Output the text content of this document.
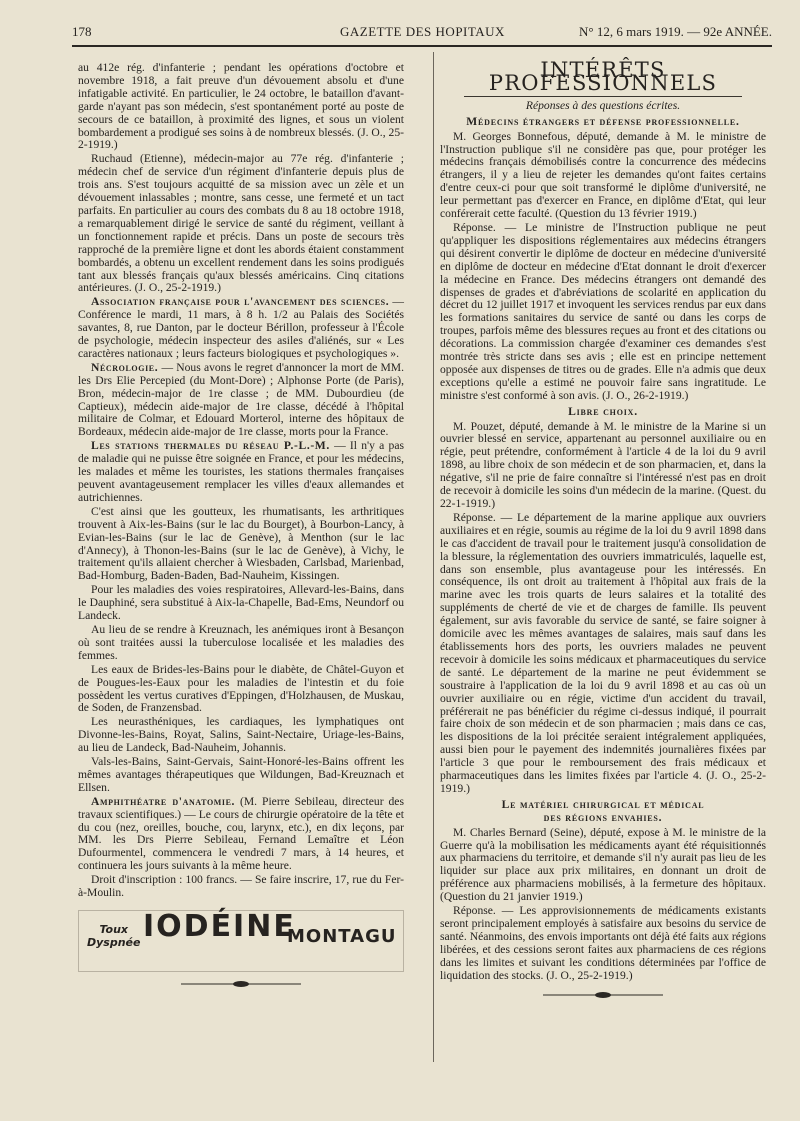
178	GAZETTE DES HOPITAUX	N° 12, 6 mars 1919. — 92e ANNÉE.

au 412e rég. d'infanterie ; pendant les opérations d'octobre et novembre 1918, a fait preuve d'un dévouement absolu et d'une infatigable activité. En particulier, le 24 octobre, le bataillon d'avant-garde n'ayant pas son médecin, s'est spontanément porté au poste de secours de ce bataillon, à proximité des lignes, et sous un violent bombardement a prodigué ses soins à de nombreux blessés. (J. O., 25-2-1919.)

Ruchaud (Etienne), médecin-major au 77e rég. d'infanterie ; médecin chef de service d'un régiment d'infanterie depuis plus de trois ans. S'est toujours acquitté de sa mission avec un zèle et un dévouement inlassables ; montre, sans cesse, une fermeté et un tact parfaits. En particulier au cours des combats du 8 au 18 octobre 1918, a remarquablement dirigé le service de santé du régiment, veillant à un fonctionnement rapide et précis. Dans un poste de secours très rapproché de la première ligne et dont les abords étaient constamment bombardés, a obtenu un excellent rendement dans les soins prodigués tant aux blessés français qu'aux blessés américains. Cinq citations antérieures. (J. O., 25-2-1919.)

Association française pour l'avancement des sciences. — Conférence le mardi, 11 mars, à 8 h. 1/2 au Palais des Sociétés savantes, 8, rue Danton, par le docteur Bérillon, professeur à l'École de psychologie, médecin inspecteur des asiles d'aliénés, sur « Les caractères nationaux ; leurs facteurs biologiques et psychologiques ».

Nécrologie. — Nous avons le regret d'annoncer la mort de MM. les Drs Elie Percepied (du Mont-Dore) ; Alphonse Porte (de Paris), Bron, médecin-major de 1re classe ; de MM. Dubourdieu (de Captieux), médecin aide-major de 1re classe, décédé à l'hôpital militaire de Colmar, et Edouard Morterol, interne des hôpitaux de Bordeaux, médecin aide-major de 1re classe, morts pour la France.

Les stations thermales du réseau P.-L.-M. — Il n'y a pas de maladie qui ne puisse être soignée en France, et pour les médecins, les malades et même les touristes, les stations thermales françaises peuvent avantageusement remplacer les villes d'eaux allemandes et autrichiennes.

C'est ainsi que les goutteux, les rhumatisants, les arthritiques trouvent à Aix-les-Bains (sur le lac du Bourget), à Bourbon-Lancy, à Evian-les-Bains (sur le lac de Genève), à Menthon (sur le lac d'Annecy), à Thonon-les-Bains (sur le lac de Genève), à Vichy, le traitement qu'ils allaient chercher à Wiesbaden, Carlsbad, Marienbad, Bad-Homburg, Baden-Baden, Bad-Nauheim, Kissingen.

Pour les maladies des voies respiratoires, Allevard-les-Bains, dans le Dauphiné, sera substitué à Aix-la-Chapelle, Bad-Ems, Neundorf ou Landeck.

Au lieu de se rendre à Kreuznach, les anémiques iront à Besançon où sont traitées aussi la tuberculose localisée et les maladies des femmes.

Les eaux de Brides-les-Bains pour le diabète, de Châtel-Guyon et de Pougues-les-Eaux pour les maladies de l'intestin et du foie possèdent les vertus curatives d'Eppingen, d'Holzhausen, de Muskau, de Soden, de Franzensbad.

Les neurasthéniques, les cardiaques, les lymphatiques ont Divonne-les-Bains, Royat, Salins, Saint-Nectaire, Uriage-les-Bains, au lieu de Landeck, Bad-Nauheim, Johannis.

Vals-les-Bains, Saint-Gervais, Saint-Honoré-les-Bains offrent les mêmes avantages thérapeutiques que Wildungen, Bad-Kreuznach et Ellsen.

Amphithéatre d'anatomie. (M. Pierre Sebileau, directeur des travaux scientifiques.) — Le cours de chirurgie opératoire de la tête et du cou (nez, oreilles, bouche, cou, larynx, etc.), en dix leçons, par MM. les Drs Pierre Sebileau, Fernand Lemaître et Léon Dufourmentel, commencera le vendredi 7 mars, à 14 heures, et continuera les jours suivants à la même heure.

Droit d'inscription : 100 francs. — Se faire inscrire, 17, rue du Fer-à-Moulin.

Toux
Dyspnée IODÉINE
MONTAGU
INTÉRÊTS PROFESSIONNELS

Réponses à des questions écrites.

Médecins étrangers et défense professionnelle.

M. Georges Bonnefous, député, demande à M. le ministre de l'Instruction publique s'il ne considère pas que, pour protéger les médecins français démobilisés contre la concurrence des médecins étrangers, il y a lieu de rejeter les demandes qu'ont faites certains d'entre ceux-ci pour que soit transformé le diplôme d'université, ne leur permettant pas d'exercer en France, en diplôme d'Etat, qui leur conférerait cette faculté. (Question du 13 février 1919.)

Réponse. — Le ministre de l'Instruction publique ne peut qu'appliquer les dispositions réglementaires aux médecins étrangers qui désirent convertir le diplôme de docteur en médecine d'université en diplôme de docteur en médecine d'Etat donnant le droit d'exercer la médecine en France. Des médecins étrangers ont demandé des dispenses de grades et d'abréviations de scolarité en application du décret du 12 juillet 1917 et invoquent les services rendus par eux dans les formations sanitaires du service de santé ou dans les corps de troupes, parfois même des blessures reçues au front et des citations ou décorations. La commission chargée d'examiner ces demandes s'est montrée très stricte dans ses avis ; elle est en principe nettement opposée aux dispenses de titres ou de grades. Elle n'a admis que deux exceptions qu'elle a estimé ne pouvoir faire sans ingratitude. Le ministre s'est conformé à son avis. (J. O., 26-2-1919.)

Libre choix.

M. Pouzet, député, demande à M. le ministre de la Marine si un ouvrier blessé en service, appartenant au personnel auxiliaire ou en régie, peut prétendre, conformément à l'article 4 de la loi du 9 avril 1898, au libre choix de son médecin et de son pharmacien, et, dans la négative, s'il ne prie de faire connaître si l'intéressé n'est pas en droit de recevoir à domicile les soins d'un médecin de la marine. (Quest. du 22-1-1919.)

Réponse. — Le département de la marine applique aux ouvriers auxiliaires et en régie, soumis au régime de la loi du 9 avril 1898 dans le cas d'accident de travail pour le traitement jusqu'à consolidation de la blessure, la réglementation des ouvriers immatriculés, laquelle est, dans son ensemble, plus avantageuse pour les intéressés. En conséquence, ils ont droit au traitement à l'hôpital aux frais de la marine avec les trois quarts de leurs salaires et la totalité des suppléments de cherté de vie et de charges de famille. Ils peuvent également, sur avis favorable du service de santé, se faire soigner à domicile avec les mêmes avantages de salaires, mais sauf dans les établissements hors des ports, les ouvriers malades ne peuvent recevoir à domicile les soins médicaux et pharmaceutiques du service de santé. Le département de la marine ne peut évidemment se soustraire à l'application de la loi du 9 avril 1898 et au cas où un ouvrier auxiliaire ou en régie, victime d'un accident du travail, préférerait ne pas bénéficier du régime ci-dessus indiqué, il pourrait faire choix de son médecin et de son pharmacien ; mais dans ce cas, les dispositions de la loi précitée seraient intégralement appliquées, aussi bien pour le payement des indemnités journalières fixées par l'article 3 que pour le remboursement des frais médicaux et pharmaceutiques dans les limites fixées par l'article 4. (J. O., 25-2-1919.)

Le matériel chirurgical et médical
des régions envahies.

M. Charles Bernard (Seine), député, expose à M. le ministre de la Guerre qu'à la mobilisation les médicaments ayant été réquisitionnés aux pharmaciens du territoire, et demande s'il n'y aurait pas lieu de les liquider sur place aux prix militaires, en donnant un droit de préférence aux pharmaciens mobilisés, à la fermeture des hôpitaux. (Question du 21 janvier 1919.)

Réponse. — Les approvisionnements de médicaments existants seront principalement employés à satisfaire aux besoins du service de santé. Néanmoins, des envois importants ont déjà été faits aux régions libérées, et des cessions seront faites aux pharmaciens de ces régions dans les limites et suivant les conditions déterminées par l'office de liquidation des stocks. (J. O., 25-2-1919.)
